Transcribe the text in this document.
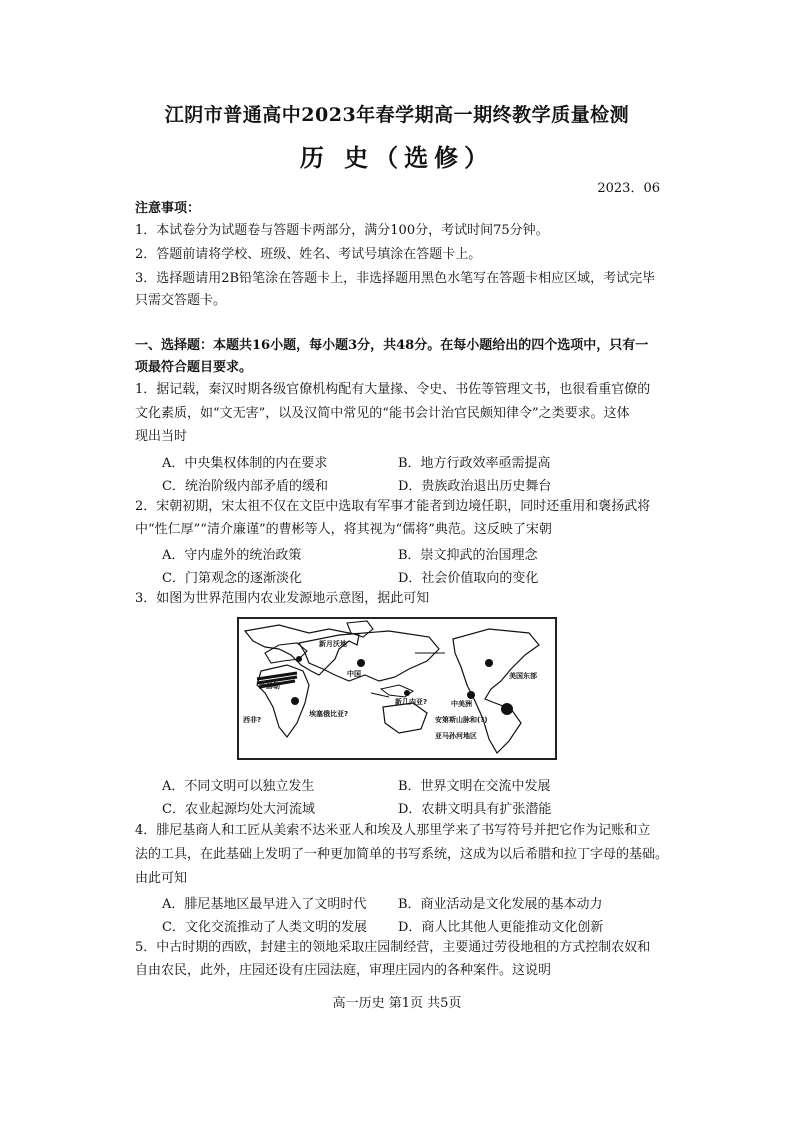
江阴市普通高中2023年春学期高一期终教学质量检测
历 史（选修）
2023．06
注意事项：
1．本试卷分为试题卷与答题卡两部分，满分100分，考试时间75分钟。
2．答题前请将学校、班级、姓名、考试号填涂在答题卡上。
3．选择题请用2B铅笔涂在答题卡上，非选择题用黑色水笔写在答题卡相应区域，考试完毕
只需交答题卡。
一、选择题：本题共16小题，每小题3分，共48分。在每小题给出的四个选项中，只有一
项最符合题目要求。
1．据记载，秦汉时期各级官僚机构配有大量掾、令史、书佐等管理文书，也很看重官僚的
文化素质，如“文无害”，以及汉简中常见的“能书会计治官民颇知律令”之类要求。这体
现出当时
A．中央集权体制的内在要求	B．地方行政效率亟需提高
C．统治阶级内部矛盾的缓和	D．贵族政治退出历史舞台
2．宋朝初期，宋太祖不仅在文臣中选取有军事才能者到边境任职，同时还重用和褒扬武将
中“性仁厚”“清介廉谨”的曹彬等人，将其视为“儒将”典范。这反映了宋朝
A．守内虚外的统治政策	B．崇文抑武的治国理念
C．门第观念的逐渐淡化	D．社会价值取向的变化
3．如图为世界范围内农业发源地示意图，据此可知
新月沃地
中国	美国东部
萨赫勒
西非?
埃塞俄比亚?
新几内亚?	中美洲
安第斯山脉和(?)
亚马孙河地区
A．不同文明可以独立发生	B．世界文明在交流中发展
C．农业起源均处大河流域	D．农耕文明具有扩张潜能
4．腓尼基商人和工匠从美索不达米亚人和埃及人那里学来了书写符号并把它作为记账和立
法的工具，在此基础上发明了一种更加简单的书写系统，这成为以后希腊和拉丁字母的基础。
由此可知
A．腓尼基地区最早进入了文明时代 B．商业活动是文化发展的基本动力
C．文化交流推动了人类文明的发展 D．商人比其他人更能推动文化创新
5．中古时期的西欧，封建主的领地采取庄园制经营，主要通过劳役地租的方式控制农奴和
自由农民，此外，庄园还设有庄园法庭，审理庄园内的各种案件。这说明
高一历史 第1页 共5页
